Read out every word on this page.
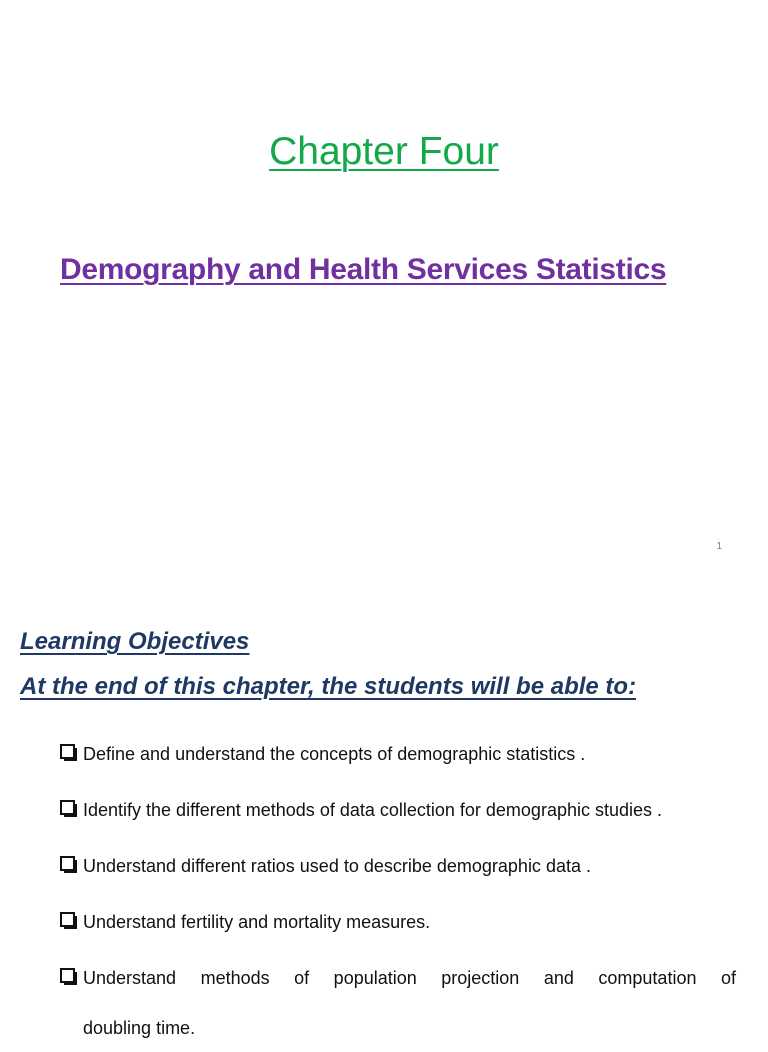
Chapter Four
Demography and Health Services Statistics
1
Learning Objectives
At the end of this chapter, the students will be able to:
Define and understand the concepts of demographic statistics .
Identify the different methods of data collection for demographic studies .
Understand different ratios used to describe demographic data .
Understand fertility and mortality measures.
Understand methods of population projection and computation of
doubling time.
